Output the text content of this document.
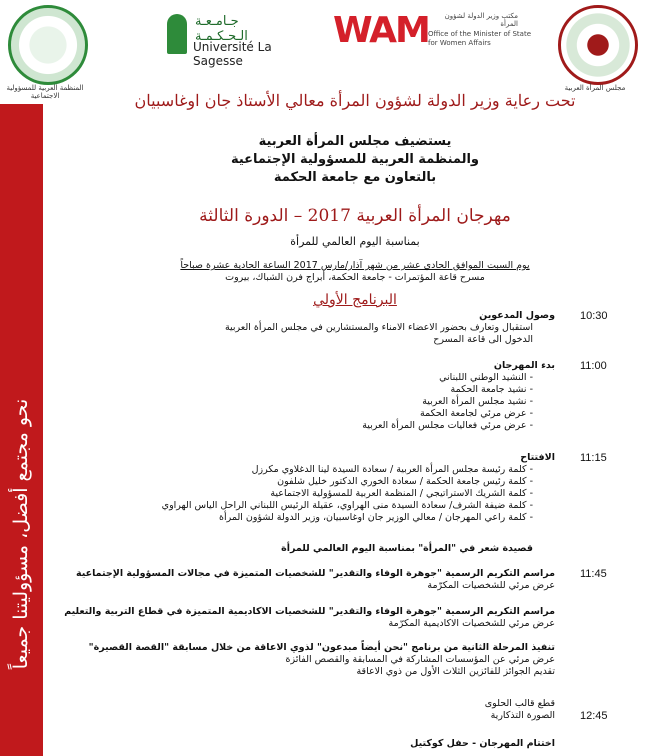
نحو مجتمع أفضل، مسؤوليتنا جميعاً
المنظمة العربية للمسؤولية الاجتماعية
جـامـعـة الـحـكـمـة
Université La Sagesse
WAM	مكتب وزير الدولة لشؤون المرأة
Office of the Minister of State for Women Affairs
مجلس المرأة العربية
تحت رعاية وزير الدولة لشؤون المرأة معالي الأستاذ جان اوغاسبيان
يستضيف مجلس المرأة العربية
والمنظمة العربية للمسؤولية الإجتماعية
بالتعاون مع جامعة الحكمة
مهرجان المرأة العربية 2017 – الدورة الثالثة
بمناسبة اليوم العالمي للمرأة
يوم السبت الموافق الحادي عشر من شهر آذار/مارس 2017 الساعة الحادية عشرة صباحاً
مسرح قاعة المؤتمرات - جامعة الحكمة، أبراج فرن الشباك، بيروت
البرنامج الأولي
10:30
وصول المدعوين
استقبال وتعارف بحضور الاعضاء الامناء والمستشارين في مجلس المرأة العربية
الدخول الى قاعة المسرح
11:00
بدء المهرجان
- النشيد الوطني اللبناني
- نشيد جامعة الحكمة
- نشيد مجلس المرأة العربية
- عرض مرئي لجامعة الحكمة
- عرض مرئي فعاليات مجلس المرأة العربية
11:15
الافتتاح
- كلمة رئيسة مجلس المرأة العربية / سعادة السيدة لينا الدغلاوي مكرزل
- كلمة رئيس جامعة الحكمة / سعادة الخوري الدكتور خليل شلفون
- كلمة الشريك الاستراتيجي / المنظمة العربية للمسؤولية الاجتماعية
- كلمة ضيفة الشرف/ سعادة السيدة منى الهراوي، عقيلة الرئيس اللبناني الراحل الياس الهراوي
- كلمة راعي المهرجان / معالي الوزير جان اوغاسبيان، وزير الدولة لشؤون المرأة
قصيدة شعر في "المرأة" بمناسبة اليوم العالمي للمرأة
11:45
مراسم التكريم الرسمية "جوهرة الوفاء والتقدير" للشخصيات المتميزة في مجالات المسؤولية الإجتماعية
عرض مرئي للشخصيات المكرّمة
مراسم التكريم الرسمية "جوهرة الوفاء والتقدير" للشخصيات الاكاديمية المتميزة في قطاع التربية والتعليم
عرض مرئي للشخصيات الاكاديمية المكرّمة
تنفيذ المرحلة الثانية من برنامج "نحن أيضاً مبدعون" لذوي الاعاقة من خلال مسابقة "القصة القصيرة"
عرض مرئي عن المؤسسات المشاركة في المسابقة والقصص الفائزة
تقديم الجوائز للفائزين الثلاث الأول من ذوي الاعاقة
12:45
قطع قالب الحلوى
الصورة التذكارية
اختتام المهرجان - حفل كوكتيل
